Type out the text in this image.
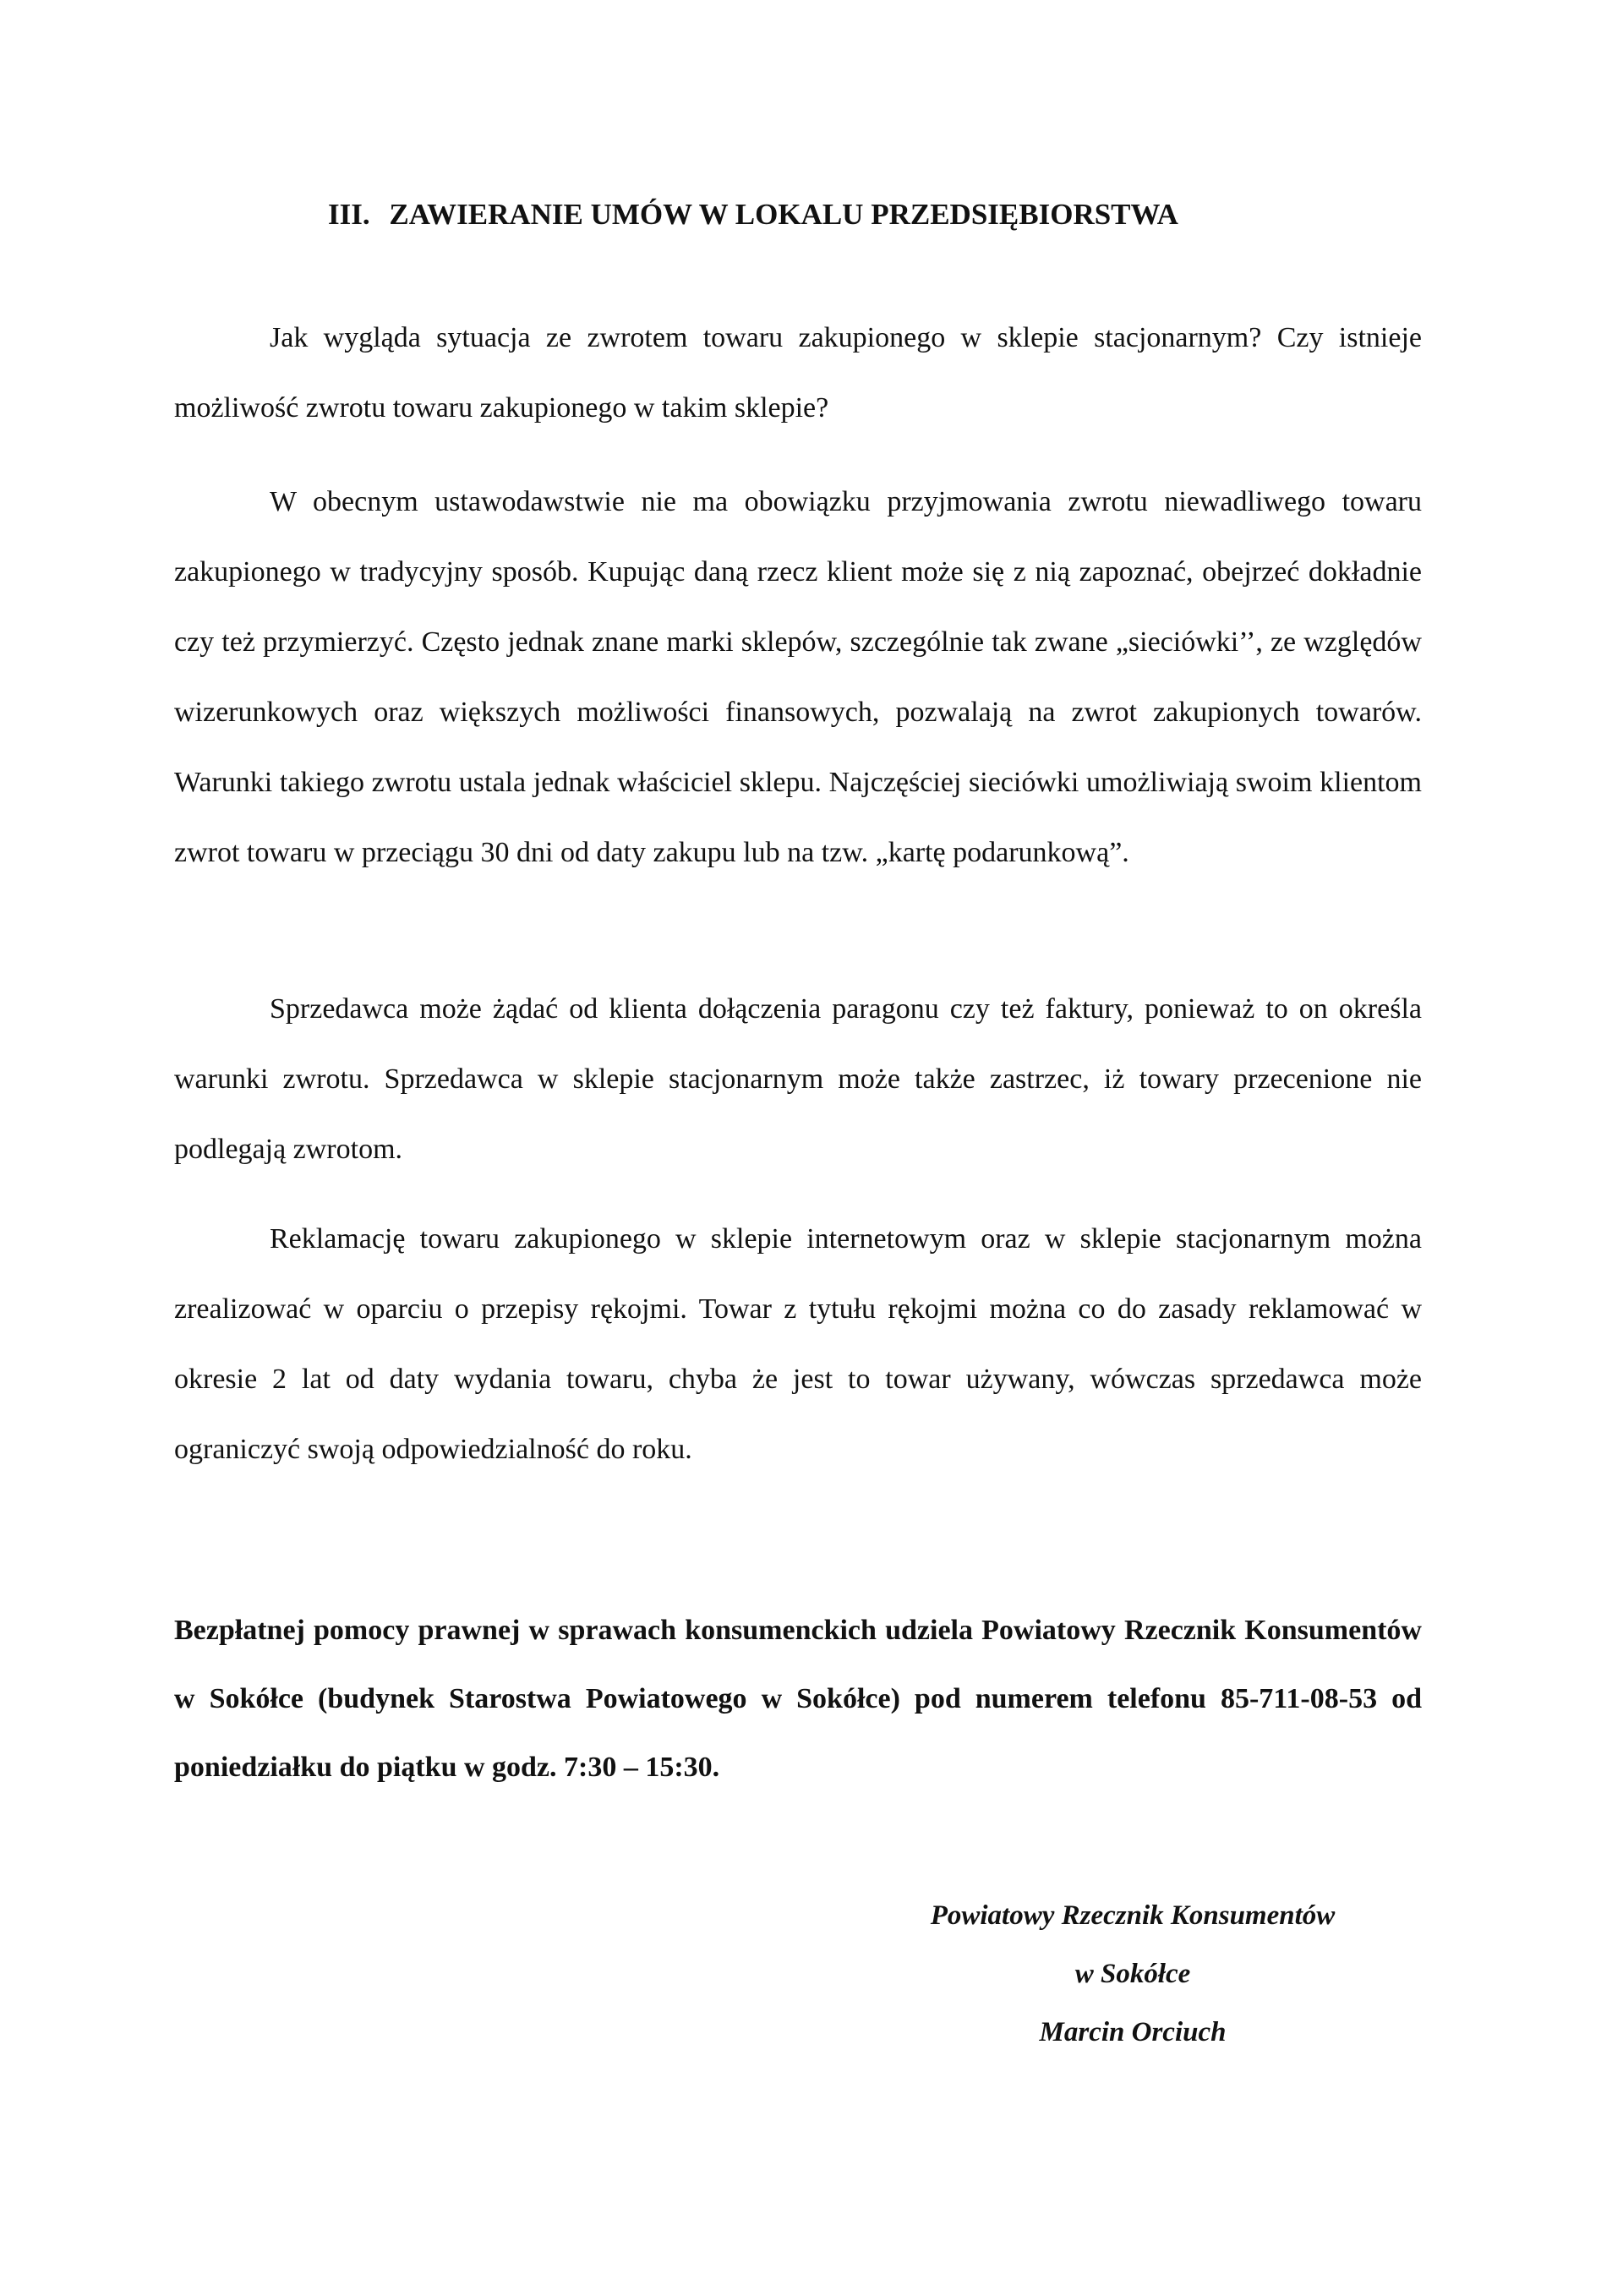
III. ZAWIERANIE UMÓW W LOKALU PRZEDSIĘBIORSTWA

Jak wygląda sytuacja ze zwrotem towaru zakupionego w sklepie stacjonarnym? Czy istnieje możliwość zwrotu towaru zakupionego w takim sklepie?

W obecnym ustawodawstwie nie ma obowiązku przyjmowania zwrotu niewadliwego towaru zakupionego w tradycyjny sposób. Kupując daną rzecz klient może się z nią zapoznać, obejrzeć dokładnie czy też przymierzyć. Często jednak znane marki sklepów, szczególnie tak zwane „sieciówki’’, ze względów wizerunkowych oraz większych możliwości finansowych, pozwalają na zwrot zakupionych towarów. Warunki takiego zwrotu ustala jednak właściciel sklepu. Najczęściej sieciówki umożliwiają swoim klientom zwrot towaru w przeciągu 30 dni od daty zakupu lub na tzw. „kartę podarunkową”.

Sprzedawca może żądać od klienta dołączenia paragonu czy też faktury, ponieważ to on określa warunki zwrotu. Sprzedawca w sklepie stacjonarnym może także zastrzec, iż towary przecenione nie podlegają zwrotom.

Reklamację towaru zakupionego w sklepie internetowym oraz w sklepie stacjonarnym można zrealizować w oparciu o przepisy rękojmi. Towar z tytułu rękojmi można co do zasady reklamować w okresie 2 lat od daty wydania towaru, chyba że jest to towar używany, wówczas sprzedawca może ograniczyć swoją odpowiedzialność do roku.

Bezpłatnej pomocy prawnej w sprawach konsumenckich udziela Powiatowy Rzecznik Konsumentów w Sokółce (budynek Starostwa Powiatowego w Sokółce) pod numerem telefonu 85-711-08-53 od poniedziałku do piątku w godz. 7:30 – 15:30.

Powiatowy Rzecznik Konsumentów
w Sokółce
Marcin Orciuch
